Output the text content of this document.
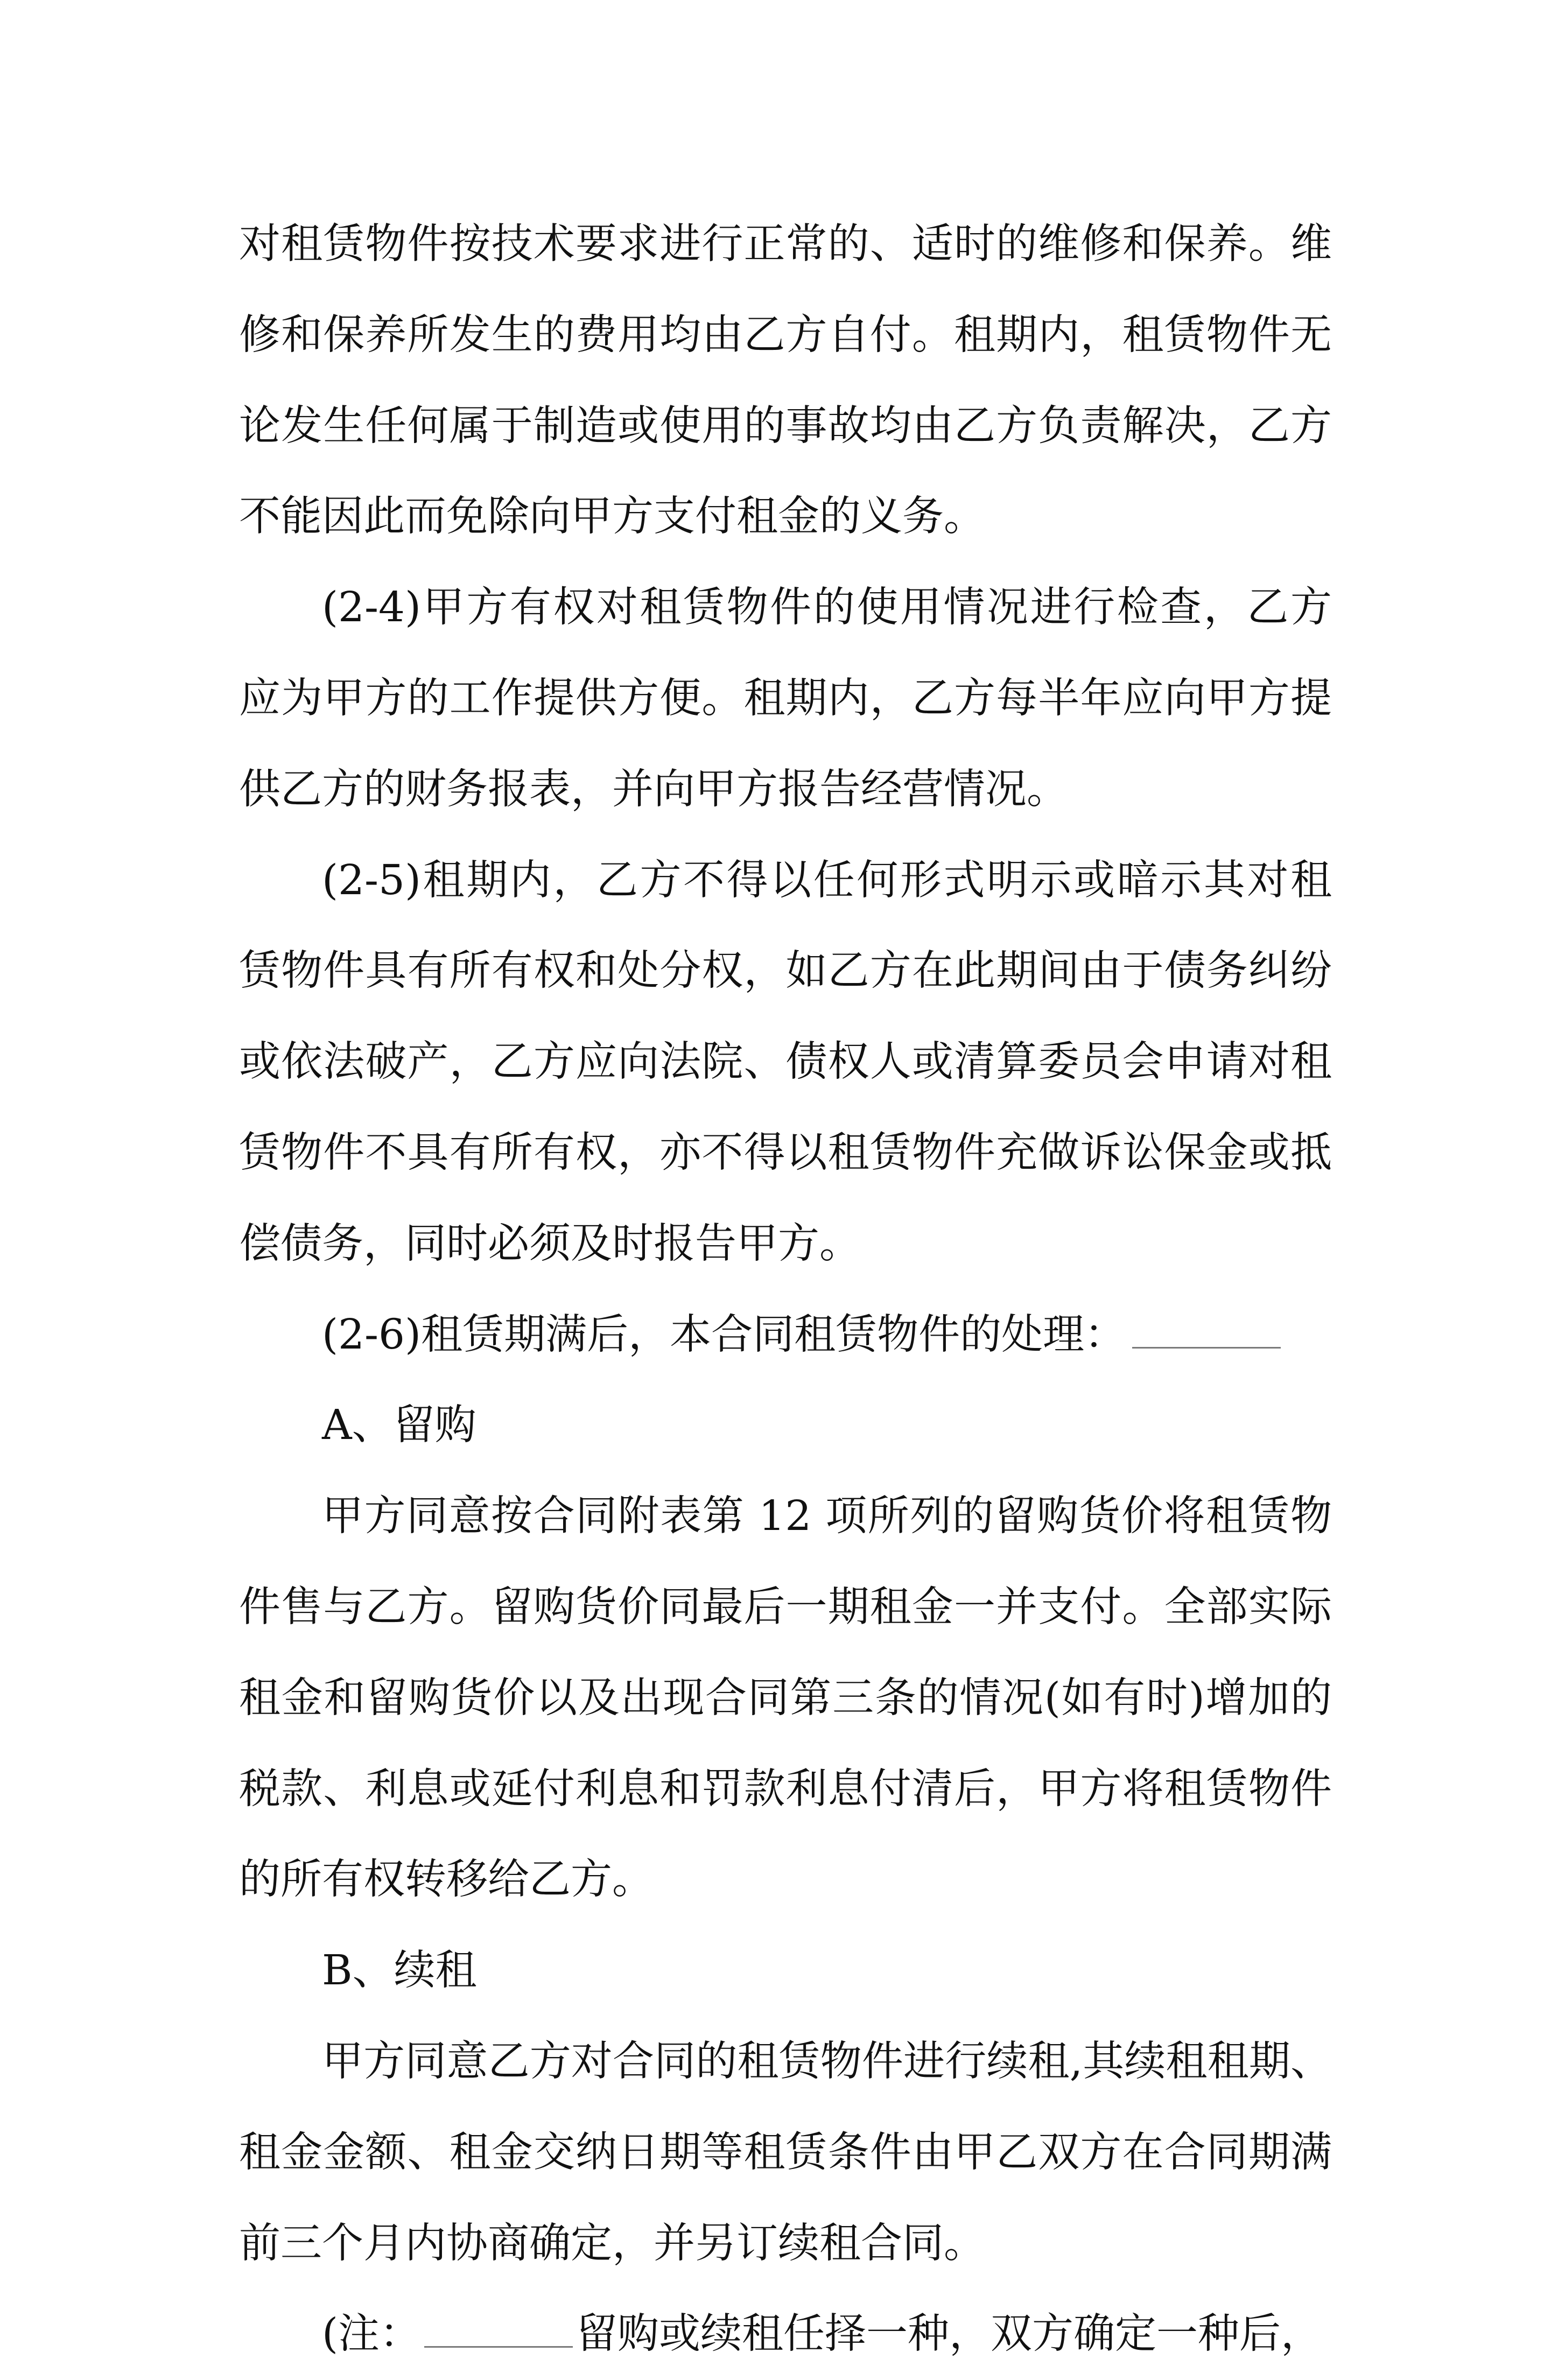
对租赁物件按技术要求进行正常的、适时的维修和保养。维
修和保养所发生的费用均由乙方自付。租期内，租赁物件无
论发生任何属于制造或使用的事故均由乙方负责解决，乙方
不能因此而免除向甲方支付租金的义务。
(2-4)甲方有权对租赁物件的使用情况进行检查，乙方
应为甲方的工作提供方便。租期内，乙方每半年应向甲方提
供乙方的财务报表，并向甲方报告经营情况。
(2-5)租期内，乙方不得以任何形式明示或暗示其对租
赁物件具有所有权和处分权，如乙方在此期间由于债务纠纷
或依法破产，乙方应向法院、债权人或清算委员会申请对租
赁物件不具有所有权，亦不得以租赁物件充做诉讼保金或抵
偿债务，同时必须及时报告甲方。
(2-6)租赁期满后，本合同租赁物件的处理：
A、留购
甲方同意按合同附表第 12 项所列的留购货价将租赁物
件售与乙方。留购货价同最后一期租金一并支付。全部实际
租金和留购货价以及出现合同第三条的情况(如有时)增加的
税款、利息或延付利息和罚款利息付清后，甲方将租赁物件
的所有权转移给乙方。
B、续租
甲方同意乙方对合同的租赁物件进行续租,其续租租期、
租金金额、租金交纳日期等租赁条件由甲乙双方在合同期满
前三个月内协商确定，并另订续租合同。
(注：	留购或续租任择一种，双方确定一种后，
